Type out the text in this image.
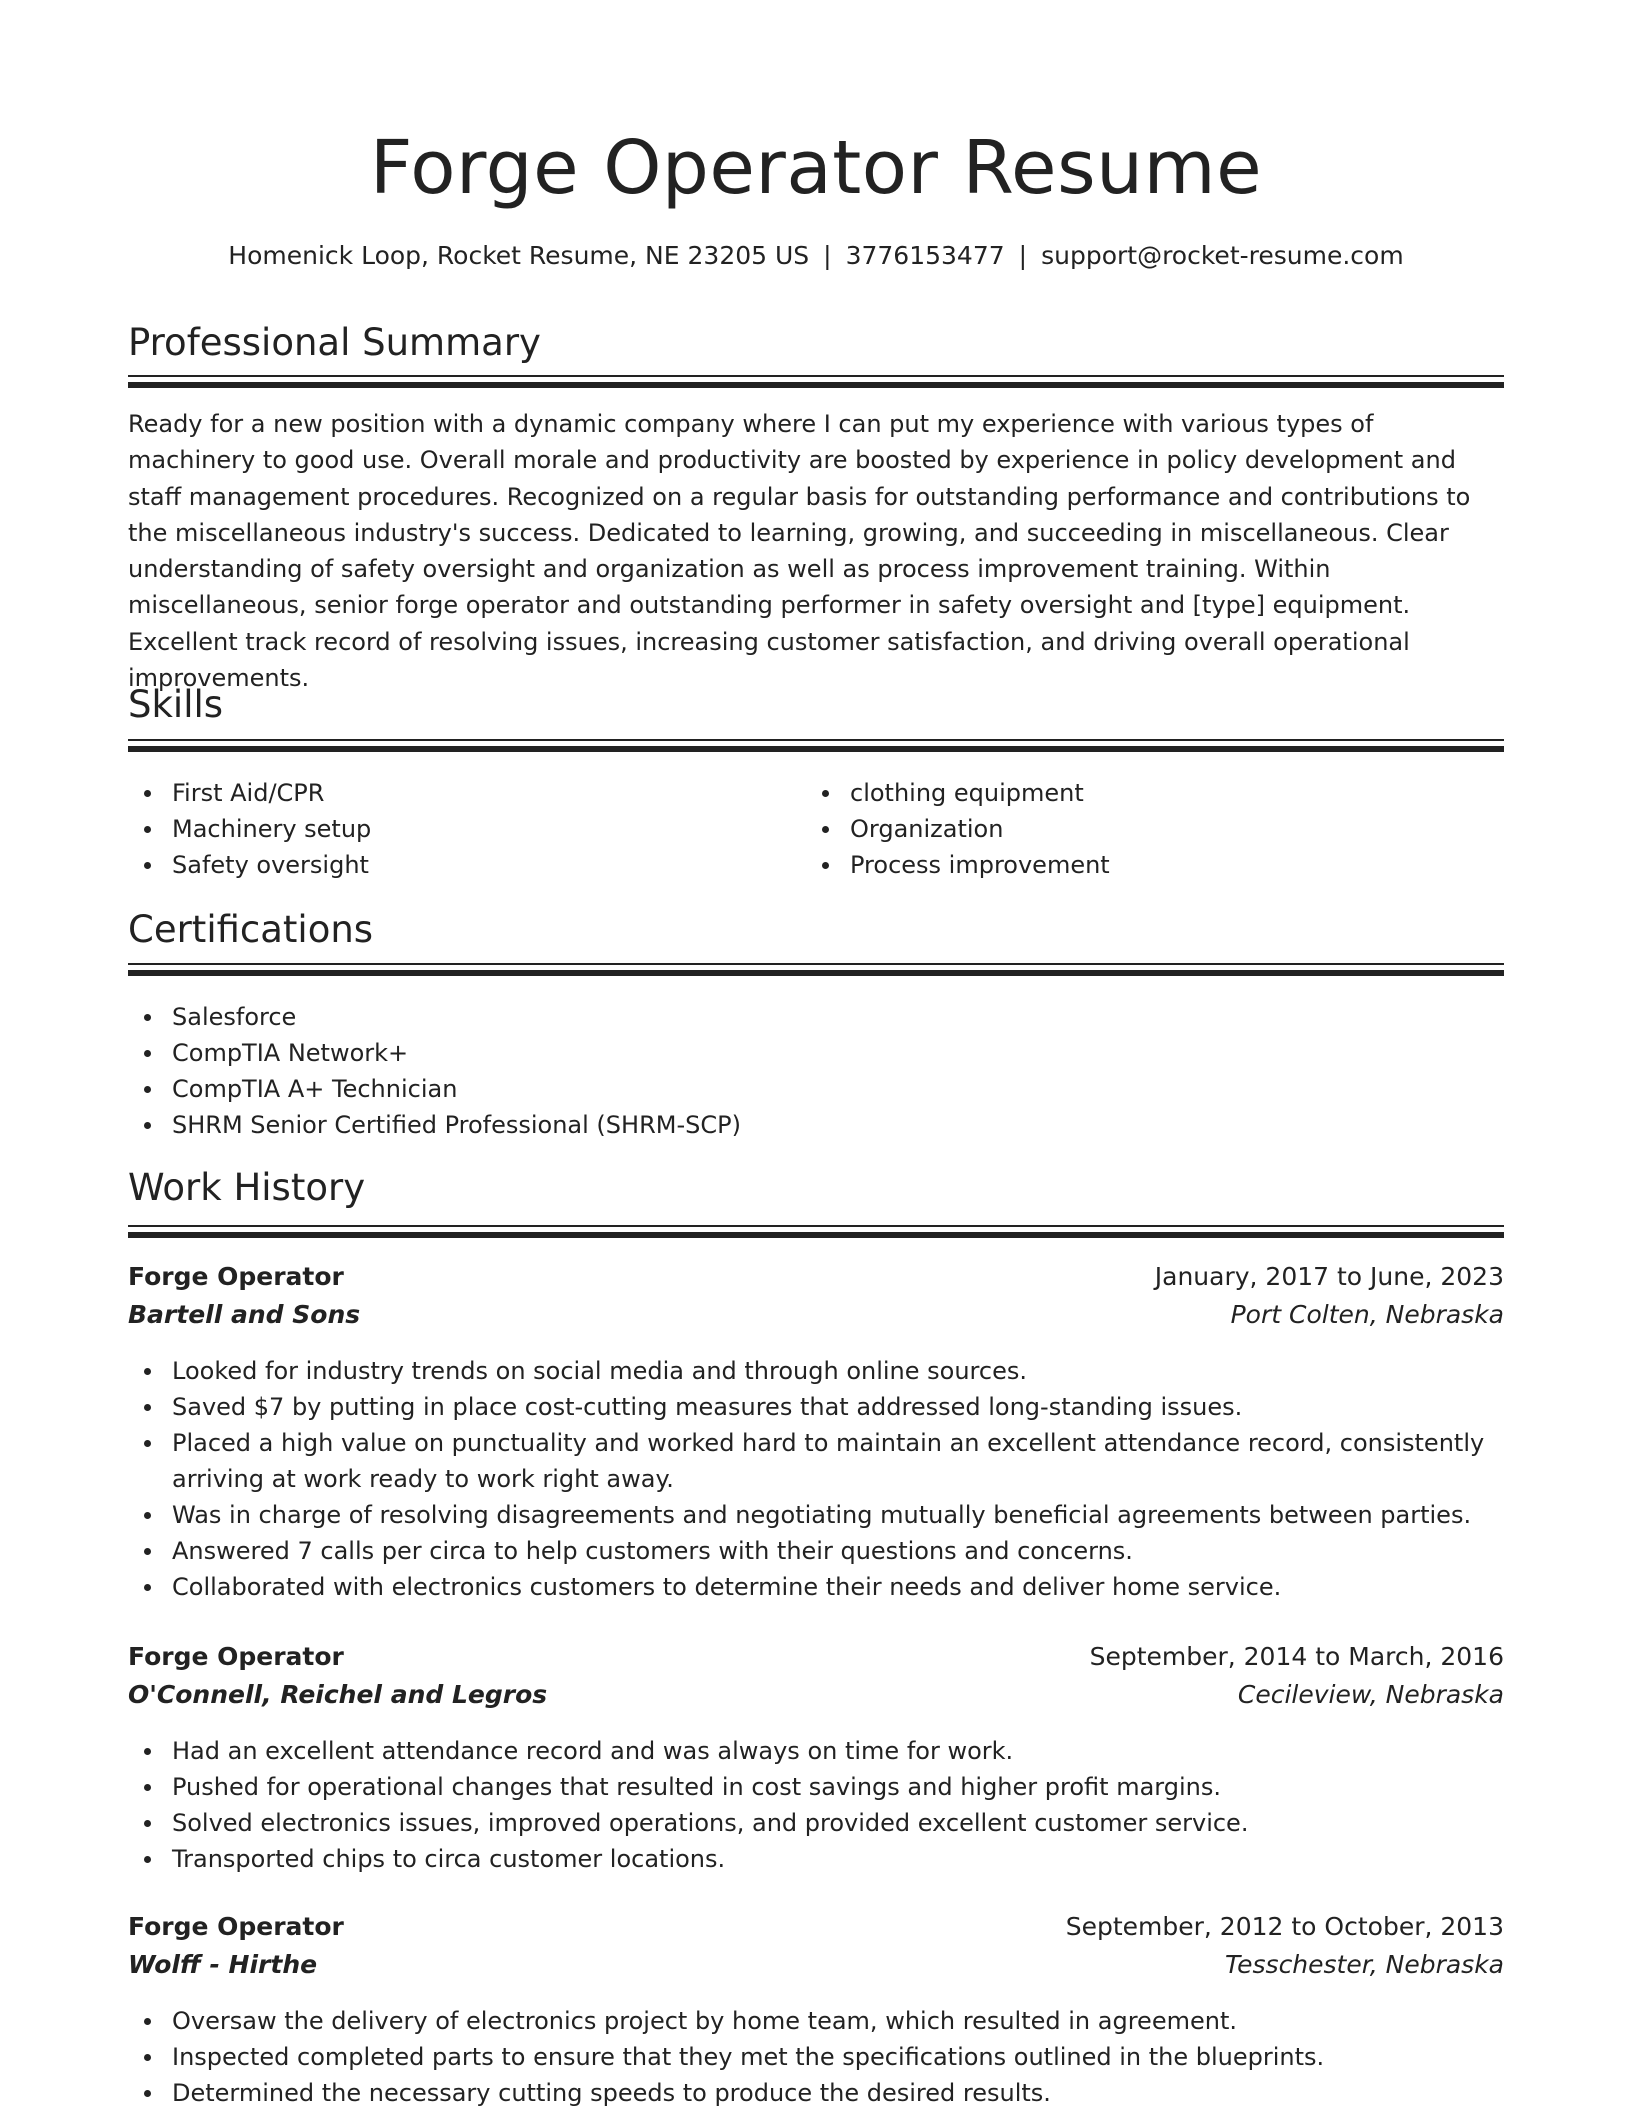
Forge Operator Resume
Homenick Loop, Rocket Resume, NE 23205 US | 3776153477 | support@rocket-resume.com
Professional Summary

Ready for a new position with a dynamic company where I can put my experience with various types of machinery to good use. Overall morale and productivity are boosted by experience in policy development and staff management procedures. Recognized on a regular basis for outstanding performance and contributions to the miscellaneous industry's success. Dedicated to learning, growing, and succeeding in miscellaneous. Clear understanding of safety oversight and organization as well as process improvement training. Within miscellaneous, senior forge operator and outstanding performer in safety oversight and [type] equipment. Excellent track record of resolving issues, increasing customer satisfaction, and driving overall operational improvements.

Skills
First Aid/CPR
Machinery setup
Safety oversight
clothing equipment
Organization
Process improvement
Certifications
Salesforce
CompTIA Network+
CompTIA A+ Technician
SHRM Senior Certified Professional (SHRM-SCP)
Work History
Forge Operator	January, 2017 to June, 2023
Bartell and Sons	Port Colten, Nebraska
Looked for industry trends on social media and through online sources.
Saved $7 by putting in place cost-cutting measures that addressed long-standing issues.
Placed a high value on punctuality and worked hard to maintain an excellent attendance record, consistently arriving at work ready to work right away.
Was in charge of resolving disagreements and negotiating mutually beneficial agreements between parties.
Answered 7 calls per circa to help customers with their questions and concerns.
Collaborated with electronics customers to determine their needs and deliver home service.
Forge Operator	September, 2014 to March, 2016
O'Connell, Reichel and Legros	Cecileview, Nebraska
Had an excellent attendance record and was always on time for work.
Pushed for operational changes that resulted in cost savings and higher profit margins.
Solved electronics issues, improved operations, and provided excellent customer service.
Transported chips to circa customer locations.
Forge Operator	September, 2012 to October, 2013
Wolff - Hirthe	Tesschester, Nebraska
Oversaw the delivery of electronics project by home team, which resulted in agreement.
Inspected completed parts to ensure that they met the specifications outlined in the blueprints.
Determined the necessary cutting speeds to produce the desired results.
